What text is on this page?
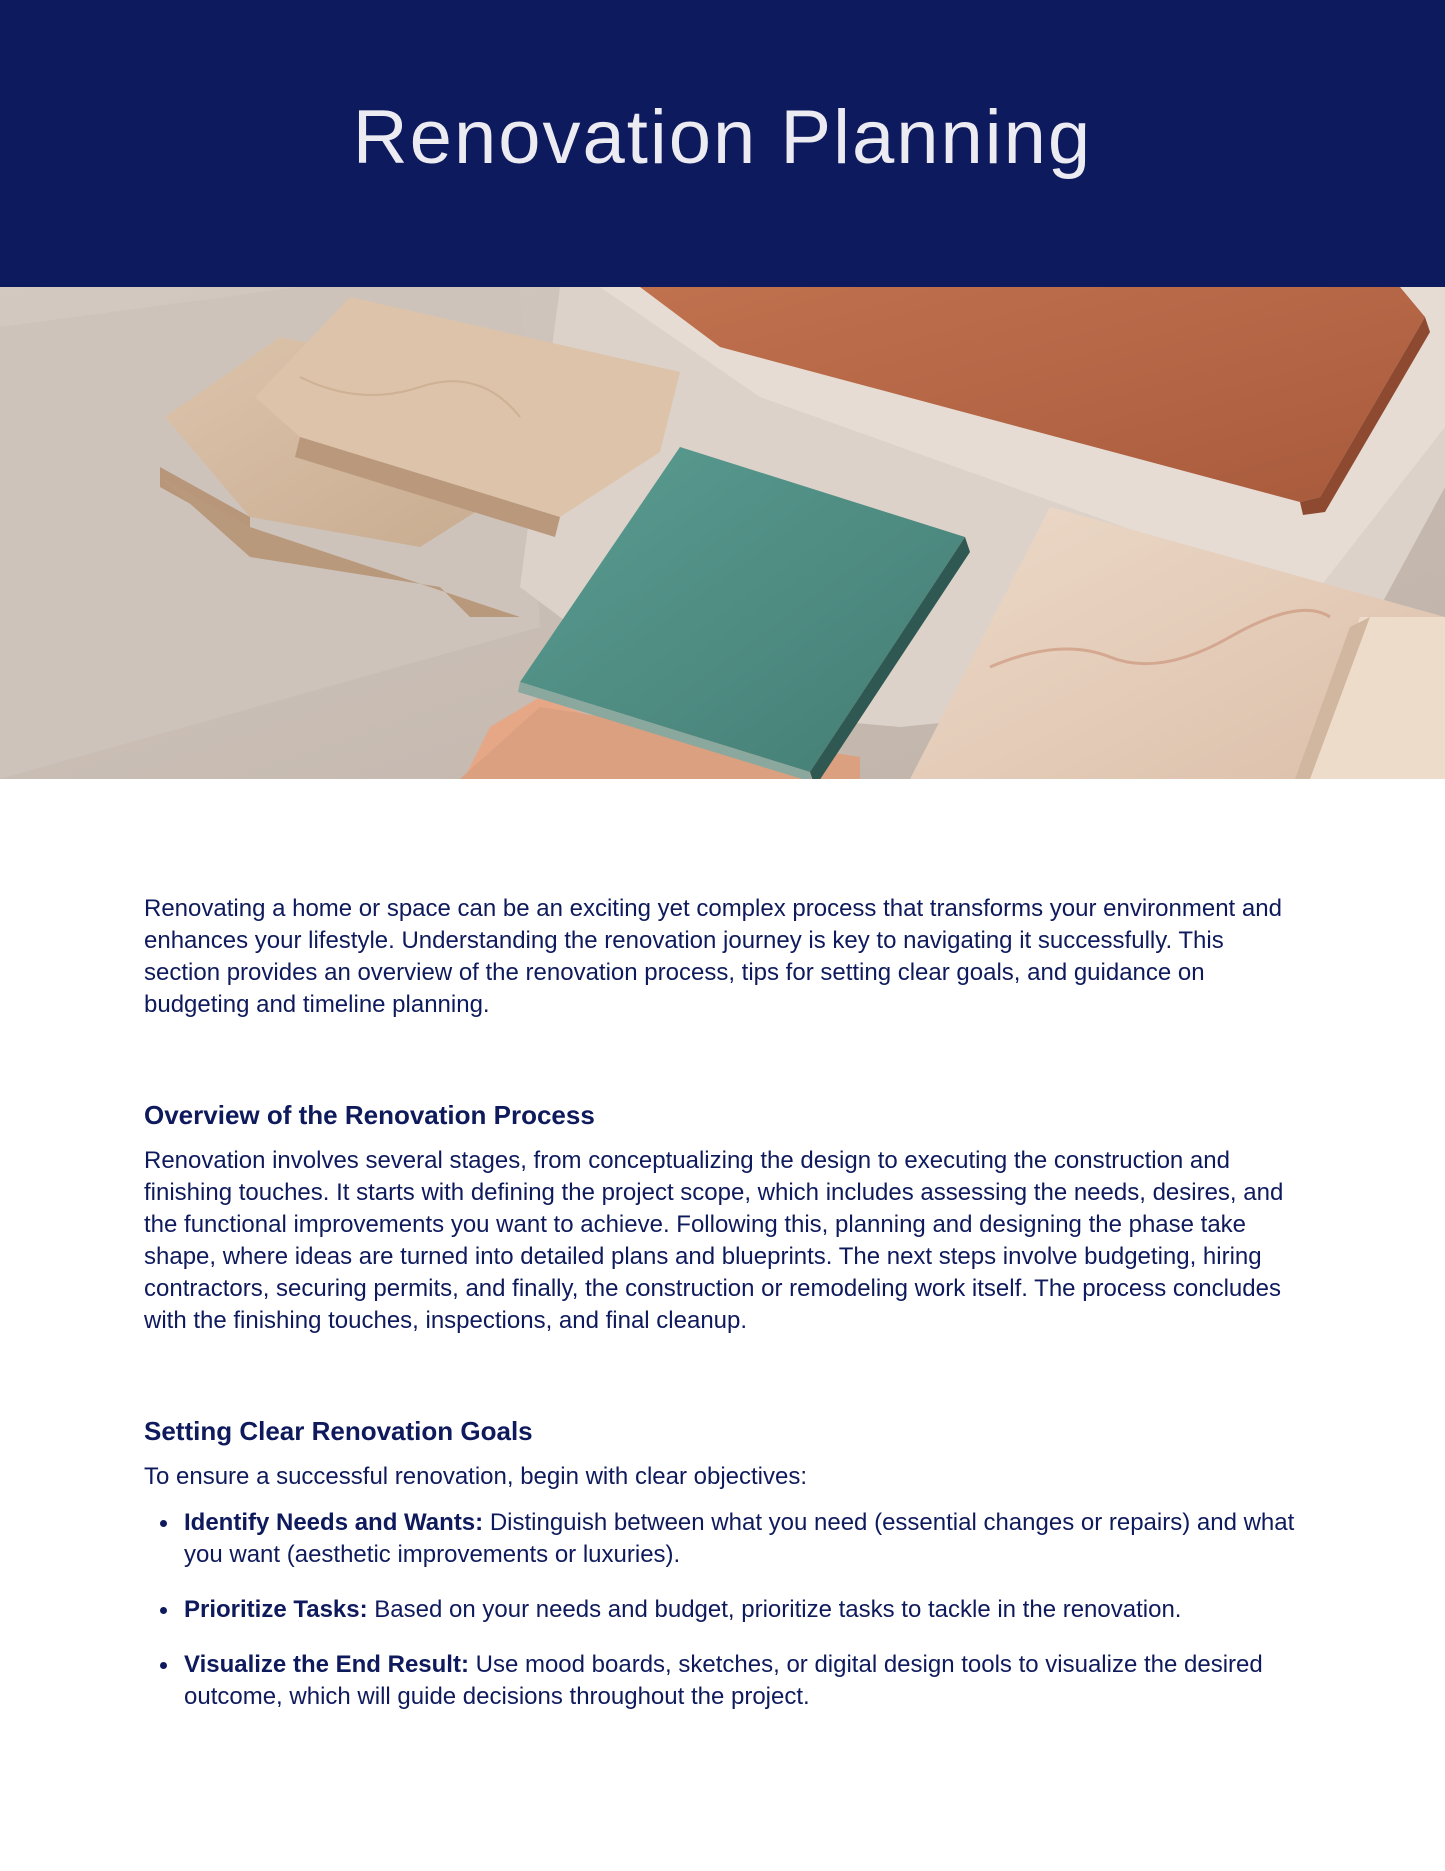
Renovation Planning

Renovating a home or space can be an exciting yet complex process that transforms your environment and enhances your lifestyle. Understanding the renovation journey is key to navigating it successfully. This section provides an overview of the renovation process, tips for setting clear goals, and guidance on budgeting and timeline planning.

Overview of the Renovation Process

Renovation involves several stages, from conceptualizing the design to executing the construction and finishing touches. It starts with defining the project scope, which includes assessing the needs, desires, and the functional improvements you want to achieve. Following this, planning and designing the phase take shape, where ideas are turned into detailed plans and blueprints. The next steps involve budgeting, hiring contractors, securing permits, and finally, the construction or remodeling work itself. The process concludes with the finishing touches, inspections, and final cleanup.

Setting Clear Renovation Goals

To ensure a successful renovation, begin with clear objectives:

Identify Needs and Wants: Distinguish between what you need (essential changes or repairs) and what you want (aesthetic improvements or luxuries).
Prioritize Tasks: Based on your needs and budget, prioritize tasks to tackle in the renovation.
Visualize the End Result: Use mood boards, sketches, or digital design tools to visualize the desired outcome, which will guide decisions throughout the project.
